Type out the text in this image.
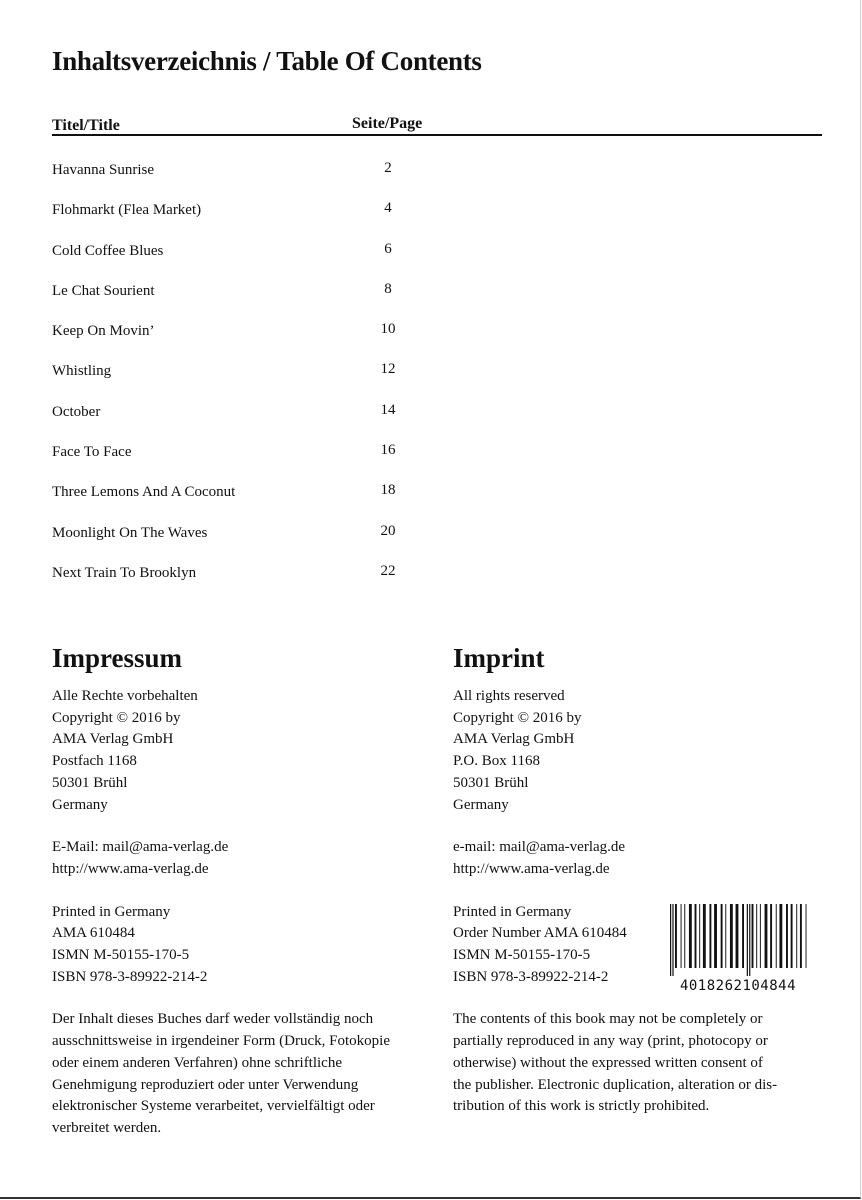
Inhaltsverzeichnis / Table Of Contents
Titel/Title	Seite/Page
Havanna Sunrise	2
Flohmarkt (Flea Market)	4
Cold Coffee Blues	6
Le Chat Sourient	8
Keep On Movin’	10
Whistling	12
October	14
Face To Face	16
Three Lemons And A Coconut	18
Moonlight On The Waves	20
Next Train To Brooklyn	22
Impressum
Alle Rechte vorbehalten
Copyright © 2016 by
AMA Verlag GmbH
Postfach 1168
50301 Brühl
Germany
E-Mail: mail@ama-verlag.de
http://www.ama-verlag.de
Printed in Germany
AMA 610484
ISMN M-50155-170-5
ISBN 978-3-89922-214-2
Der Inhalt dieses Buches darf weder vollständig noch
ausschnittsweise in irgendeiner Form (Druck, Fotokopie
oder einem anderen Verfahren) ohne schriftliche
Genehmigung reproduziert oder unter Verwendung
elektronischer Systeme verarbeitet, vervielfältigt oder
verbreitet werden.
Imprint
All rights reserved
Copyright © 2016 by
AMA Verlag GmbH
P.O. Box 1168
50301 Brühl
Germany
e-mail: mail@ama-verlag.de
http://www.ama-verlag.de
Printed in Germany
Order Number AMA 610484
ISMN M-50155-170-5
ISBN 978-3-89922-214-2
The contents of this book may not be completely or
partially reproduced in any way (print, photocopy or
otherwise) without the expressed written consent of
the publisher. Electronic duplication, alteration or dis-
tribution of this work is strictly prohibited.
4018262104844
